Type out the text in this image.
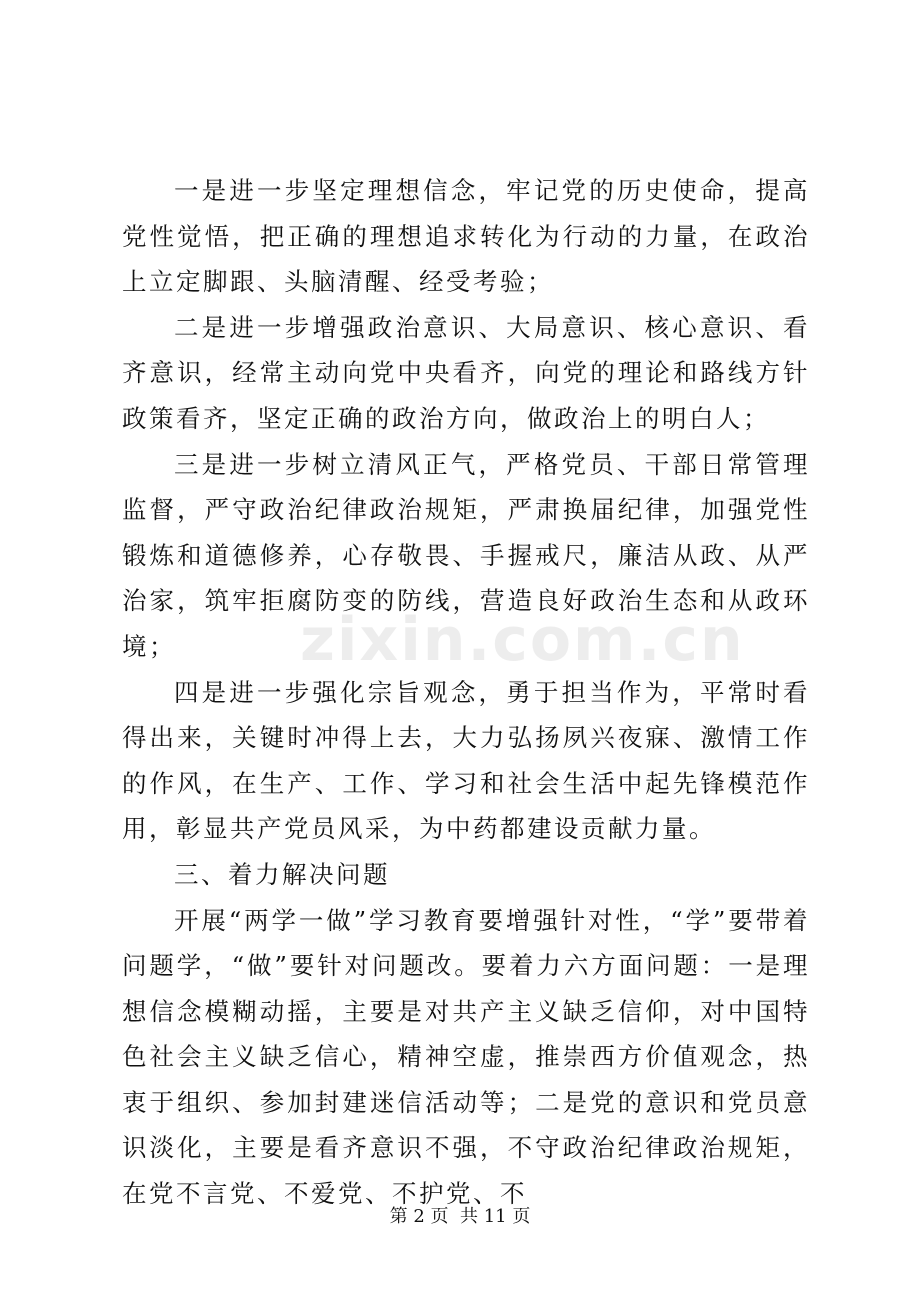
一是进一步坚定理想信念，牢记党的历史使命，提高党性觉悟，把正确的理想追求转化为行动的力量，在政治上立定脚跟、头脑清醒、经受考验；

二是进一步增强政治意识、大局意识、核心意识、看齐意识，经常主动向党中央看齐，向党的理论和路线方针政策看齐，坚定正确的政治方向，做政治上的明白人；

三是进一步树立清风正气，严格党员、干部日常管理监督，严守政治纪律政治规矩，严肃换届纪律，加强党性锻炼和道德修养，心存敬畏、手握戒尺，廉洁从政、从严治家，筑牢拒腐防变的防线，营造良好政治生态和从政环境；

四是进一步强化宗旨观念，勇于担当作为，平常时看得出来，关键时冲得上去，大力弘扬夙兴夜寐、激情工作的作风，在生产、工作、学习和社会生活中起先锋模范作用，彰显共产党员风采，为中药都建设贡献力量。

三、着力解决问题

开展“两学一做”学习教育要增强针对性，“学”要带着问题学，“做”要针对问题改。要着力六方面问题：一是理想信念模糊动摇，主要是对共产主义缺乏信仰，对中国特色社会主义缺乏信心，精神空虚，推崇西方价值观念，热衷于组织、参加封建迷信活动等；二是党的意识和党员意识淡化，主要是看齐意识不强，不守政治纪律政治规矩，在党不言党、不爱党、不护党、不

zixin.com.cn
第 2 页  共 11 页
